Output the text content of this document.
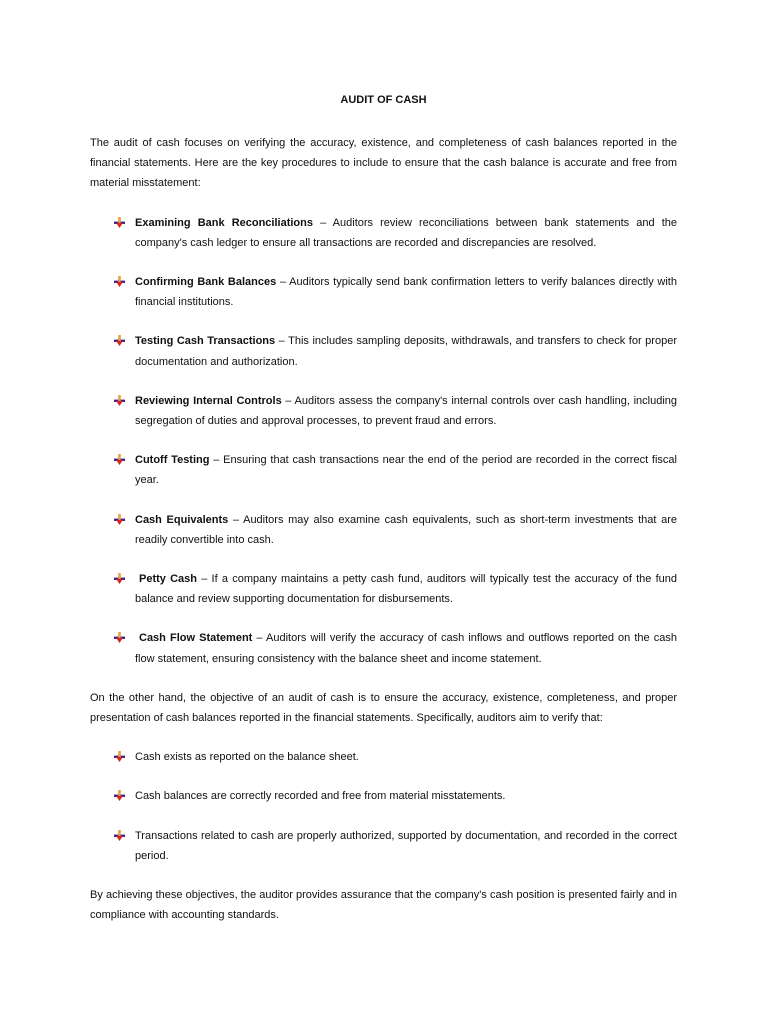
AUDIT OF CASH

The audit of cash focuses on verifying the accuracy, existence, and completeness of cash balances reported in the financial statements. Here are the key procedures to include to ensure that the cash balance is accurate and free from material misstatement:

Examining Bank Reconciliations – Auditors review reconciliations between bank statements and the company's cash ledger to ensure all transactions are recorded and discrepancies are resolved.
Confirming Bank Balances – Auditors typically send bank confirmation letters to verify balances directly with financial institutions.
Testing Cash Transactions – This includes sampling deposits, withdrawals, and transfers to check for proper documentation and authorization.
Reviewing Internal Controls – Auditors assess the company's internal controls over cash handling, including segregation of duties and approval processes, to prevent fraud and errors.
Cutoff Testing – Ensuring that cash transactions near the end of the period are recorded in the correct fiscal year.
Cash Equivalents – Auditors may also examine cash equivalents, such as short-term investments that are readily convertible into cash.
Petty Cash – If a company maintains a petty cash fund, auditors will typically test the accuracy of the fund balance and review supporting documentation for disbursements.
Cash Flow Statement – Auditors will verify the accuracy of cash inflows and outflows reported on the cash flow statement, ensuring consistency with the balance sheet and income statement.

On the other hand, the objective of an audit of cash is to ensure the accuracy, existence, completeness, and proper presentation of cash balances reported in the financial statements. Specifically, auditors aim to verify that:

Cash exists as reported on the balance sheet.
Cash balances are correctly recorded and free from material misstatements.
Transactions related to cash are properly authorized, supported by documentation, and recorded in the correct period.

By achieving these objectives, the auditor provides assurance that the company's cash position is presented fairly and in compliance with accounting standards.
